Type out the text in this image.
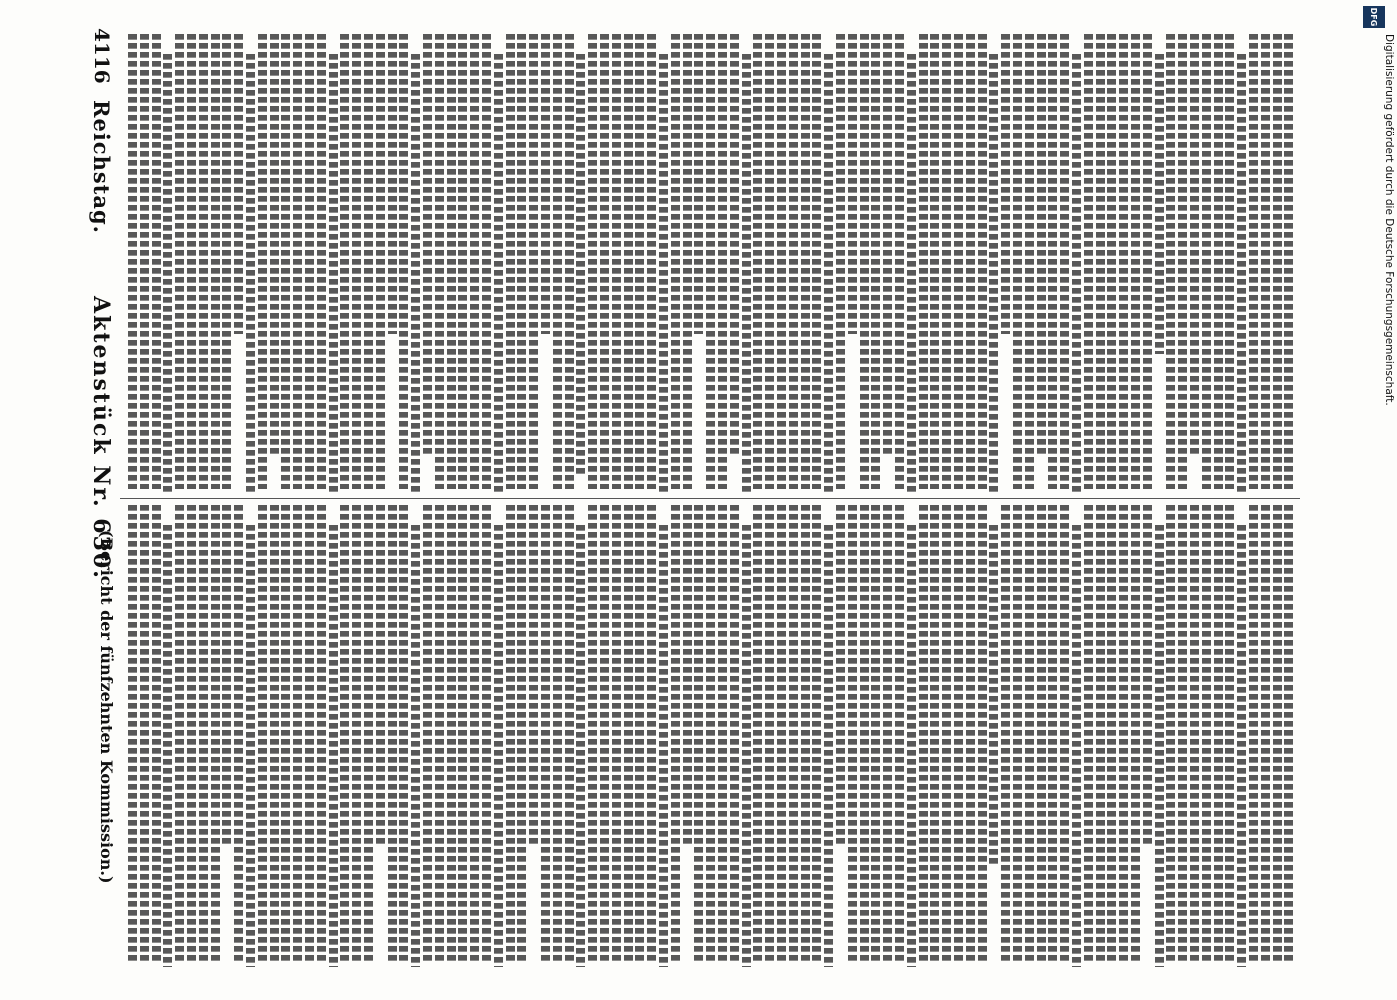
4116
Aktenstück Nr. 630.
Reichstag.
(Bericht der fünfzehnten Kommission.)
DFG
Digitalisierung gefördert durch die Deutsche Forschungsgemeinschaft.
